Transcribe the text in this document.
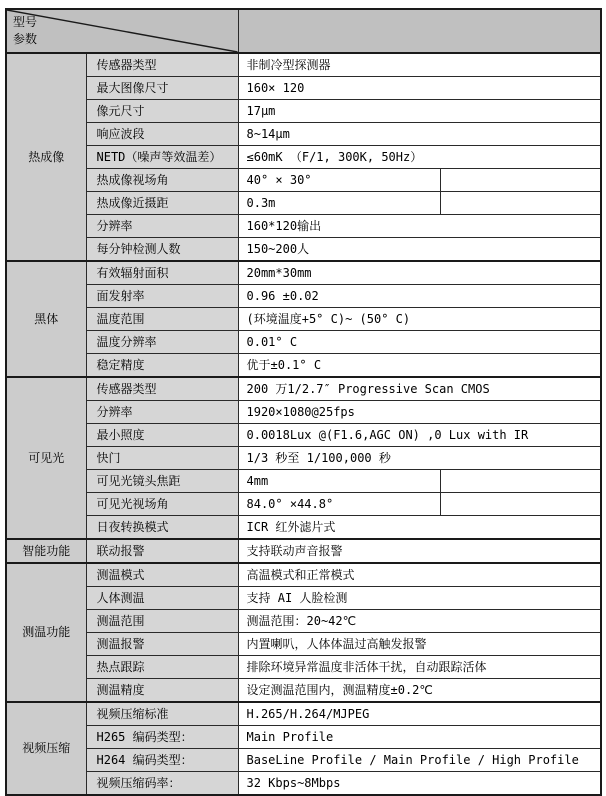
型号
参数			

热成像	传感器类型	非制冷型探测器	
	最大图像尺寸	160× 120	
	像元尺寸	17μm	
	响应波段	8~14μm	
	NETD（噪声等效温差）	≤60mK （F/1, 300K, 50Hz）	
	热成像视场角	40° × 30°	
	热成像近摄距	0.3m	
	分辨率	160*120输出	
	每分钟检测人数	150~200人	
黑体	有效辐射面积	20mm*30mm	
	面发射率	0.96 ±0.02	
	温度范围	(环境温度+5° C)~ (50° C)	
	温度分辨率	0.01° C	
	稳定精度	优于±0.1° C	
可见光	传感器类型	200 万1/2.7″ Progressive Scan CMOS	
	分辨率	1920×1080@25fps	
	最小照度	0.0018Lux @(F1.6,AGC ON) ,0 Lux with IR	
	快门	1/3 秒至 1/100,000 秒	
	可见光镜头焦距	4mm	
	可见光视场角	84.0° ×44.8°	
	日夜转换模式	ICR 红外滤片式	
智能功能	联动报警	支持联动声音报警	
测温功能	测温模式	高温模式和正常模式	
	人体测温	支持 AI 人脸检测	
	测温范围	测温范围：20~42℃	
	测温报警	内置喇叭，人体体温过高触发报警	
	热点跟踪	排除环境异常温度非活体干扰，自动跟踪活体	
	测温精度	设定测温范围内，测温精度±0.2℃	
视频压缩	视频压缩标准	H.265/H.264/MJPEG	
	H265 编码类型：	Main Profile	
	H264 编码类型：	BaseLine Profile / Main Profile / High Profile	
	视频压缩码率：	32 Kbps~8Mbps	
